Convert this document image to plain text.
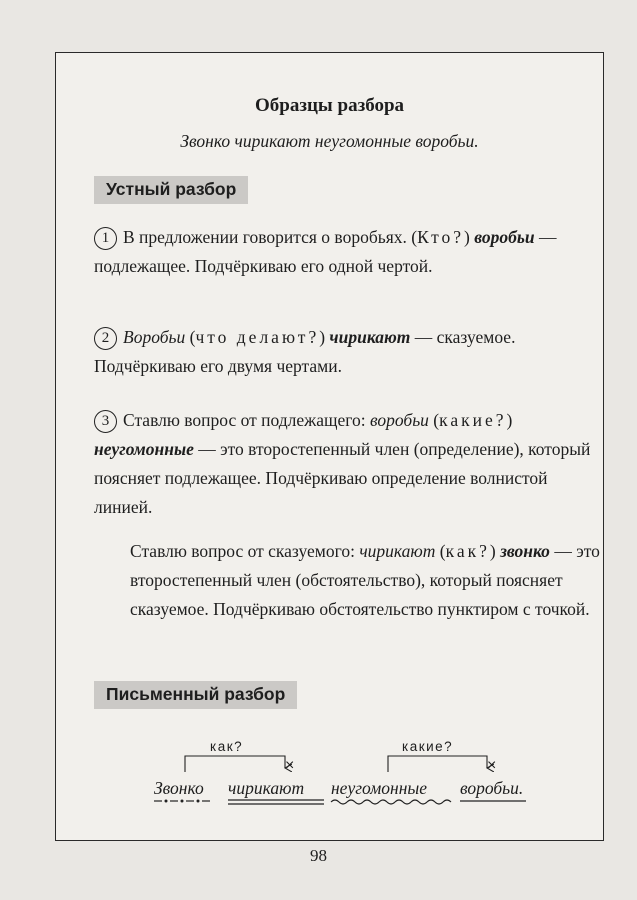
Образцы разбора
Звонко чирикают неугомонные воробьи.
Устный разбор
1 В предложении говорится о воробьях. (Кто?) воробьи — подлежащее. Подчёркиваю его одной чертой.
2 Воробьи (что делают?) чирикают — сказуемое. Подчёркиваю его двумя чертами.
3 Ставлю вопрос от подлежащего: воробьи (какие?) неугомонные — это второстепенный член (определение), который поясняет подлежащее. Подчёркиваю определение волнистой линией.
Ставлю вопрос от сказуемого: чирикают (как?) звонко — это второстепенный член (обстоятельство), который поясняет сказуемое. Подчёркиваю обстоятельство пунктиром с точкой.
Письменный разбор
как?	какие?
Звонко чирикают неугомонные воробьи.
×	×
98
